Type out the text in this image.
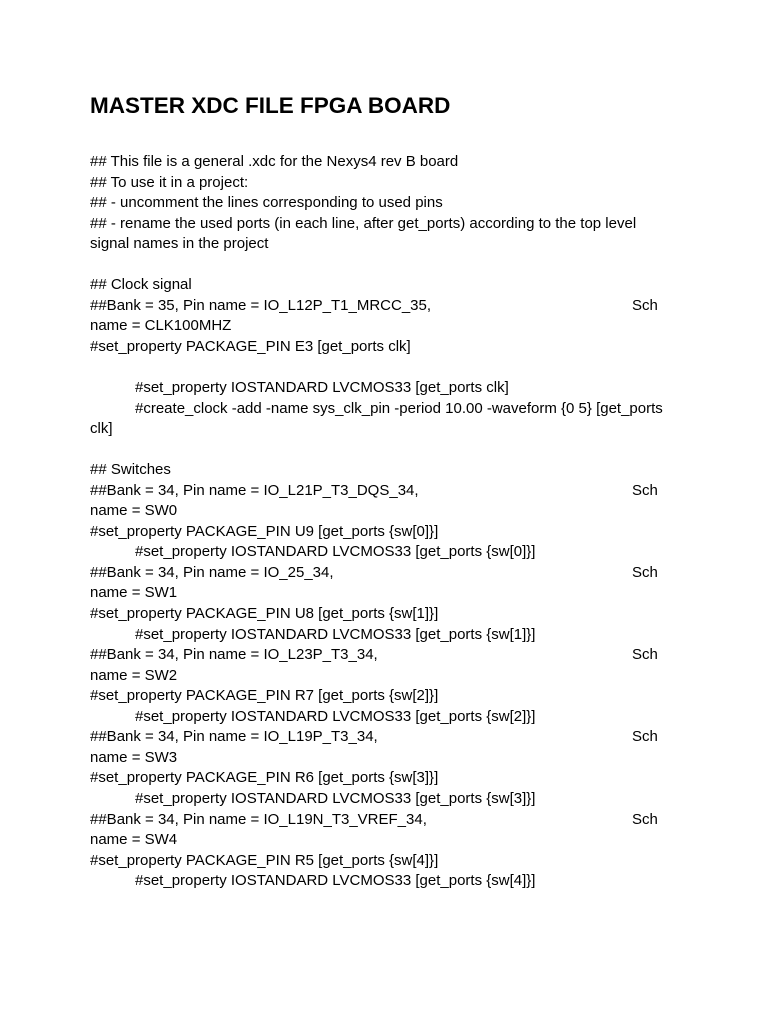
MASTER XDC FILE FPGA BOARD
## This file is a general .xdc for the Nexys4 rev B board
## To use it in a project:
## - uncomment the lines corresponding to used pins
## - rename the used ports (in each line, after get_ports) according to the top level
signal names in the project
## Clock signal
##Bank = 35, Pin name = IO_L12P_T1_MRCC_35,	Sch
name = CLK100MHZ
#set_property PACKAGE_PIN E3 [get_ports clk]
#set_property IOSTANDARD LVCMOS33 [get_ports clk]
#create_clock -add -name sys_clk_pin -period 10.00 -waveform {0 5} [get_ports
clk]
## Switches
##Bank = 34, Pin name = IO_L21P_T3_DQS_34,	Sch
name = SW0
#set_property PACKAGE_PIN U9 [get_ports {sw[0]}]
#set_property IOSTANDARD LVCMOS33 [get_ports {sw[0]}]
##Bank = 34, Pin name = IO_25_34,	Sch
name = SW1
#set_property PACKAGE_PIN U8 [get_ports {sw[1]}]
#set_property IOSTANDARD LVCMOS33 [get_ports {sw[1]}]
##Bank = 34, Pin name = IO_L23P_T3_34,	Sch
name = SW2
#set_property PACKAGE_PIN R7 [get_ports {sw[2]}]
#set_property IOSTANDARD LVCMOS33 [get_ports {sw[2]}]
##Bank = 34, Pin name = IO_L19P_T3_34,	Sch
name = SW3
#set_property PACKAGE_PIN R6 [get_ports {sw[3]}]
#set_property IOSTANDARD LVCMOS33 [get_ports {sw[3]}]
##Bank = 34, Pin name = IO_L19N_T3_VREF_34,	Sch
name = SW4
#set_property PACKAGE_PIN R5 [get_ports {sw[4]}]
#set_property IOSTANDARD LVCMOS33 [get_ports {sw[4]}]
